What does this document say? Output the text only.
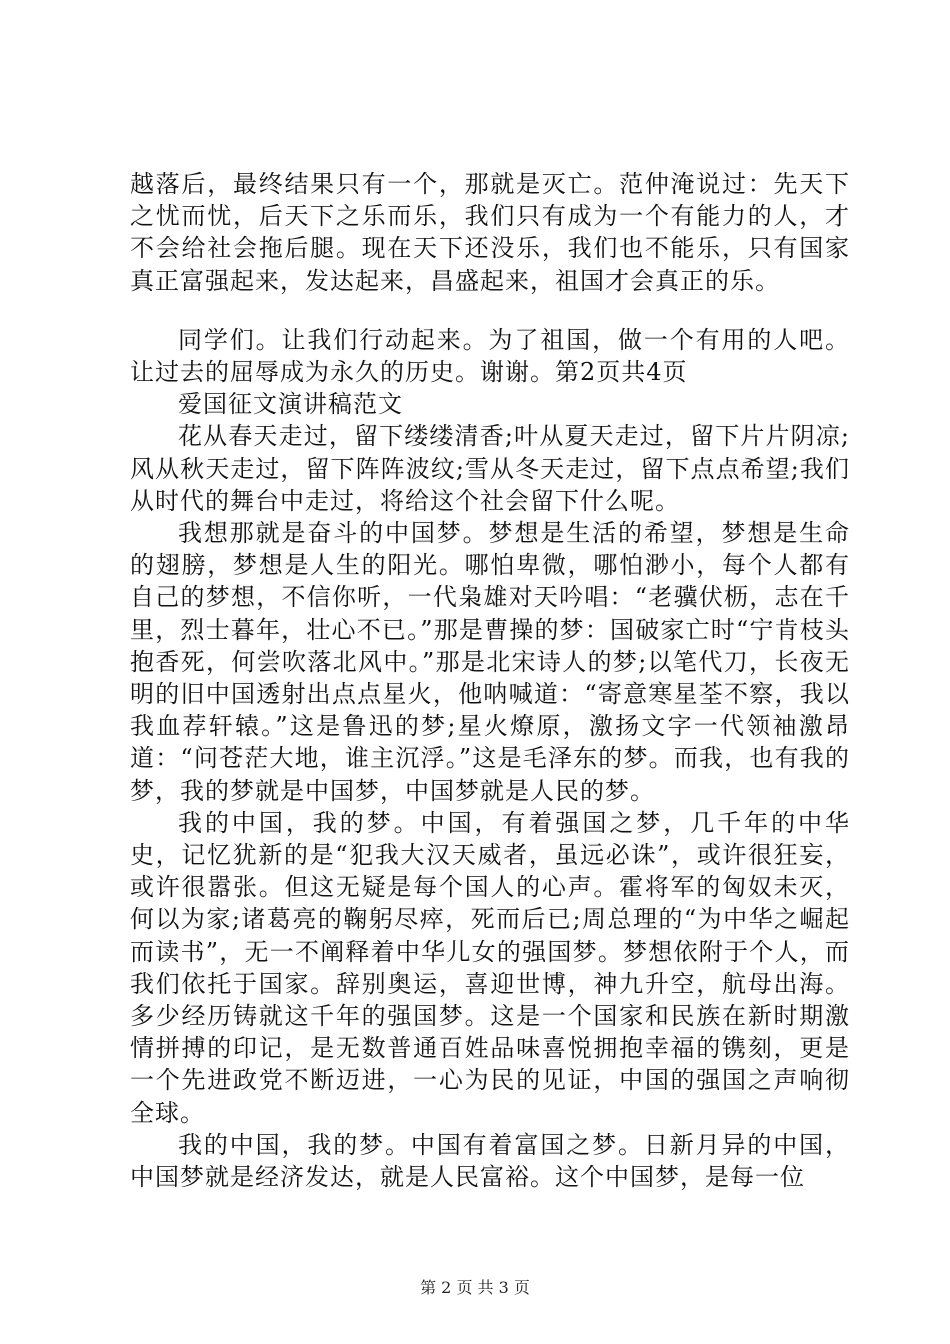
越落后，最终结果只有一个，那就是灭亡。范仲淹说过：先天下之忧而忧，后天下之乐而乐，我们只有成为一个有能力的人，才不会给社会拖后腿。现在天下还没乐，我们也不能乐，只有国家真正富强起来，发达起来，昌盛起来，祖国才会真正的乐。

同学们。让我们行动起来。为了祖国，做一个有用的人吧。让过去的屈辱成为永久的历史。谢谢。第2页共4页

爱国征文演讲稿范文

花从春天走过，留下缕缕清香;叶从夏天走过，留下片片阴凉;风从秋天走过，留下阵阵波纹;雪从冬天走过，留下点点希望;我们从时代的舞台中走过，将给这个社会留下什么呢。

我想那就是奋斗的中国梦。梦想是生活的希望，梦想是生命的翅膀，梦想是人生的阳光。哪怕卑微，哪怕渺小，每个人都有自己的梦想，不信你听，一代枭雄对天吟唱：“老骥伏枥，志在千里，烈士暮年，壮心不已。”那是曹操的梦：国破家亡时“宁肯枝头抱香死，何尝吹落北风中。”那是北宋诗人的梦;以笔代刀，长夜无明的旧中国透射出点点星火，他呐喊道：“寄意寒星荃不察，我以我血荐轩辕。”这是鲁迅的梦;星火燎原，激扬文字一代领袖激昂道：“问苍茫大地，谁主沉浮。”这是毛泽东的梦。而我，也有我的梦，我的梦就是中国梦，中国梦就是人民的梦。

我的中国，我的梦。中国，有着强国之梦，几千年的中华史，记忆犹新的是“犯我大汉天威者，虽远必诛”，或许很狂妄，或许很嚣张。但这无疑是每个国人的心声。霍将军的匈奴未灭，何以为家;诸葛亮的鞠躬尽瘁，死而后已;周总理的“为中华之崛起而读书”，无一不阐释着中华儿女的强国梦。梦想依附于个人，而我们依托于国家。辞别奥运，喜迎世博，神九升空，航母出海。多少经历铸就这千年的强国梦。这是一个国家和民族在新时期激情拼搏的印记，是无数普通百姓品味喜悦拥抱幸福的镌刻，更是一个先进政党不断迈进，一心为民的见证，中国的强国之声响彻全球。

我的中国，我的梦。中国有着富国之梦。日新月异的中国，中国梦就是经济发达，就是人民富裕。这个中国梦，是每一位

第 2 页 共 3 页
